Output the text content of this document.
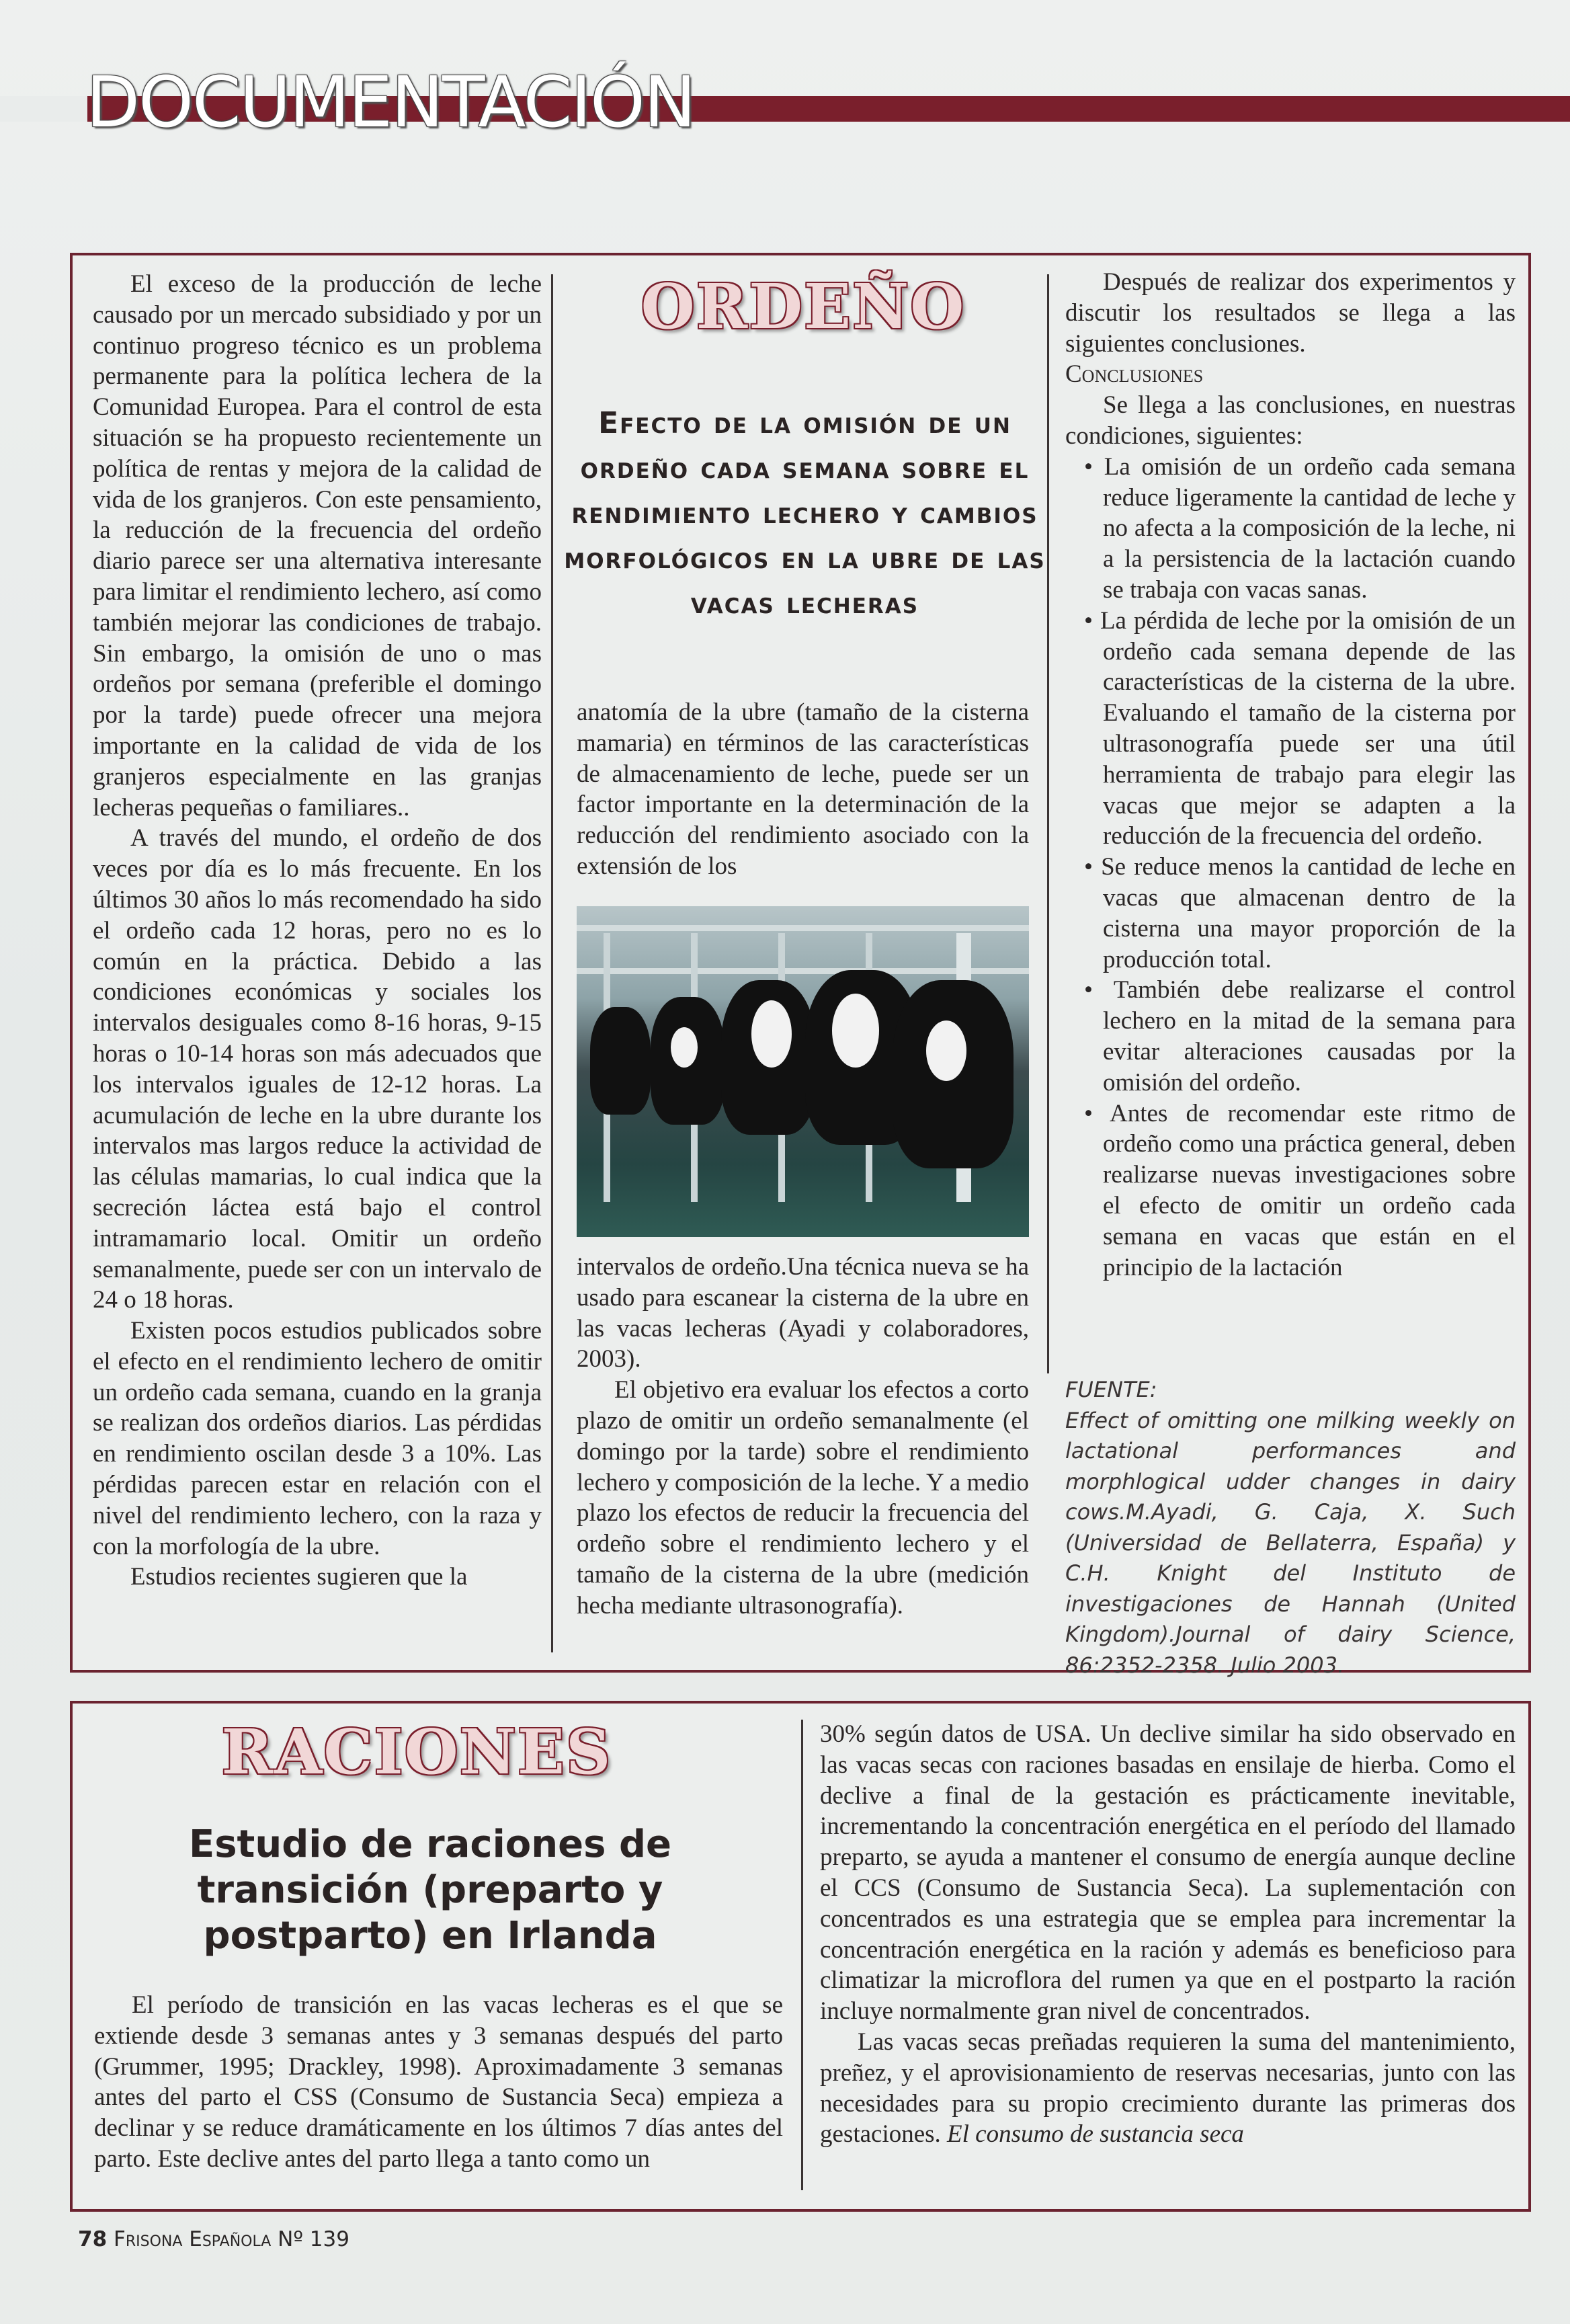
DOCUMENTACIÓN

El exceso de la producción de leche causado por un mercado subsidiado y por un continuo progreso técnico es un problema permanente para la política lechera de la Comunidad Europea. Para el control de esta situación se ha propuesto recientemente un política de rentas y mejora de la calidad de vida de los granjeros. Con este pensamiento, la reducción de la frecuencia del ordeño diario parece ser una alternativa interesante para limitar el rendimiento lechero, así como también mejorar las condiciones de trabajo. Sin embargo, la omisión de uno o mas ordeños por semana (preferible el domingo por la tarde) puede ofrecer una mejora importante en la calidad de vida de los granjeros especialmente en las granjas lecheras pequeñas o familiares..

A través del mundo, el ordeño de dos veces por día es lo más frecuente. En los últimos 30 años lo más recomendado ha sido el ordeño cada 12 horas, pero no es lo común en la práctica. Debido a las condiciones económicas y sociales los intervalos desiguales como 8-16 horas, 9-15 horas o 10-14 horas son más adecuados que los intervalos iguales de 12-12 horas. La acumulación de leche en la ubre durante los intervalos mas largos reduce la actividad de las células mamarias, lo cual indica que la secreción láctea está bajo el control intramamario local. Omitir un ordeño semanalmente, puede ser con un intervalo de 24 o 18 horas.

Existen pocos estudios publicados sobre el efecto en el rendimiento lechero de omitir un ordeño cada semana, cuando en la granja se realizan dos ordeños diarios. Las pérdidas en rendimiento oscilan desde 3 a 10%. Las pérdidas parecen estar en relación con el nivel del rendimiento lechero, con la raza y con la morfología de la ubre.

Estudios recientes sugieren que la

ORDEÑO
Efecto de la omisión de un ordeño cada semana sobre el rendimiento lechero y cambios morfológicos en la ubre de las vacas lecheras

anatomía de la ubre (tamaño de la cisterna mamaria) en términos de las características de almacenamiento de leche, puede ser un factor importante en la determinación de la reducción del rendimiento asociado con la extensión de los

intervalos de ordeño.Una técnica nueva se ha usado para escanear la cisterna de la ubre en las vacas lecheras (Ayadi y colaboradores, 2003).

El objetivo era evaluar los efectos a corto plazo de omitir un ordeño semanalmente (el domingo por la tarde) sobre el rendimiento lechero y composición de la leche. Y a medio plazo los efectos de reducir la frecuencia del ordeño sobre el rendimiento lechero y el tamaño de la cisterna de la ubre (medición hecha mediante ultrasonografía).

Después de realizar dos experimentos y discutir los resultados se llega a las siguientes conclusiones.

Conclusiones

Se llega a las conclusiones, en nuestras condiciones, siguientes:

• La omisión de un ordeño cada semana reduce ligeramente la cantidad de leche y no afecta a la composición de la leche, ni a la persistencia de la lactación cuando se trabaja con vacas sanas.

• La pérdida de leche por la omisión de un ordeño cada semana depende de las características de la cisterna de la ubre. Evaluando el tamaño de la cisterna por ultrasonografía puede ser una útil herramienta de trabajo para elegir las vacas que mejor se adapten a la reducción de la frecuencia del ordeño.

• Se reduce menos la cantidad de leche en vacas que almacenan dentro de la cisterna una mayor proporción de la producción total.

• También debe realizarse el control lechero en la mitad de la semana para evitar alteraciones causadas por la omisión del ordeño.

• Antes de recomendar este ritmo de ordeño como una práctica general, deben realizarse nuevas investigaciones sobre el efecto de omitir un ordeño cada semana en vacas que están en el principio de la lactación

FUENTE:
Effect of omitting one milking weekly on lactational performances and morphlogical udder changes in dairy cows.M.Ayadi, G. Caja, X. Such (Universidad de Bellaterra, España) y C.H. Knight del Instituto de investigaciones de Hannah (United Kingdom).Journal of dairy Science, 86:2352-2358. Julio 2003.
RACIONES
Estudio de raciones de transición (preparto y postparto) en Irlanda

El período de transición en las vacas lecheras es el que se extiende desde 3 semanas antes y 3 semanas después del parto (Grummer, 1995; Drackley, 1998). Aproximadamente 3 semanas antes del parto el CSS (Consumo de Sustancia Seca) empieza a declinar y se reduce dramáticamente en los últimos 7 días antes del parto. Este declive antes del parto llega a tanto como un

30% según datos de USA. Un declive similar ha sido observado en las vacas secas con raciones basadas en ensilaje de hierba. Como el declive a final de la gestación es prácticamente inevitable, incrementando la concentración energética en el período del llamado preparto, se ayuda a mantener el consumo de energía aunque decline el CCS (Consumo de Sustancia Seca). La suplementación con concentrados es una estrategia que se emplea para incrementar la concentración energética en la ración y además es beneficioso para climatizar la microflora del rumen ya que en el postparto la ración incluye normalmente gran nivel de concentrados.

Las vacas secas preñadas requieren la suma del mantenimiento, preñez, y el aprovisionamiento de reservas necesarias, junto con las necesidades para su propio crecimiento durante las primeras dos gestaciones. El consumo de sustancia seca

78 Frisona Española Nº 139
